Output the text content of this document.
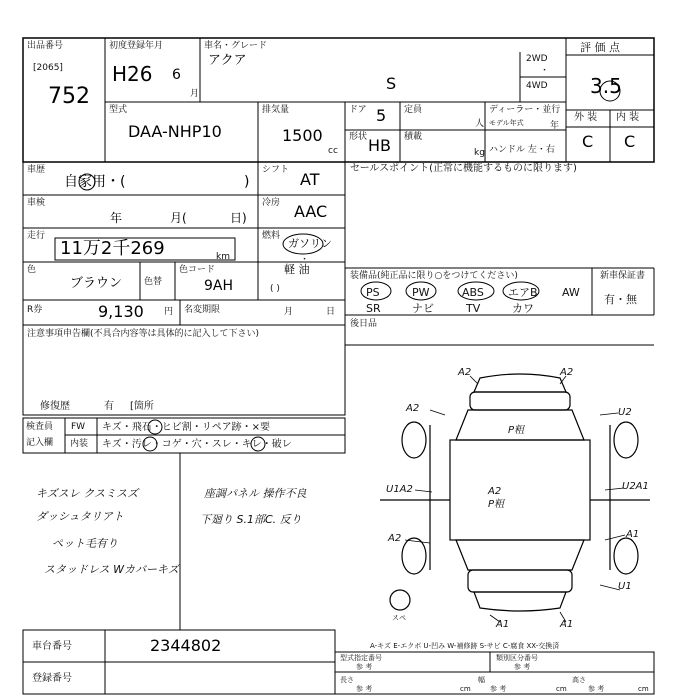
出品番号
[2065]
752
初度登録年月
H26 6
月
車名・グレード
アクア
S
2WD
・
4WD
評 価 点
3.5
外 装 内 装
C C
型式
DAA-NHP10
排気量
1500
cc
ドア 5 定員
人
ディーラー・並行
モデル年式	年
形状 HB 積載
kg ハンドル 左・右
車歴
自家用・(	)
シフト AT
車検
年	月(	日)
冷房 AAC
走行
11万2千269	km
燃料
ガソリン
・
軽 油
( )
色
ブラウン 色替
色コード
9AH
R券	9,130 円 名変期限	月	日
セールスポイント(正常に機能するものに限ります)
装備品(純正品に限り○をつけてください)	新車保証書
有・無
PS	PW	ABS エアB AW
SR	ナビ	TV	カワ
後日品
注意事項申告欄(不具合内容等は具体的に記入して下さい)
修復歴	有 [箇所
検査員
記入欄
FW キズ・飛石・ヒビ割・リペア跡・×要
内装 キズ・汚レ・コゲ・穴・スレ・キレ・破レ
キズスレ クスミスズ
ダッシュタリアト
ペット毛有り
スタッドレス Wカバーキズ
座調パネル 操作不良
下廻り S.1部C. 反り
A2	A2
A2	U2
P粗
A2
P粗
U1A2	U2A1
A2	A1
U1
A1	A1
スペ
A-キズ E-エクボ U-凹み W-補修跡 S-サビ C-腐食 XX-交換済
車台番号	2344802
登録番号
型式指定番号
参 考
類別区分番号
参 考
長さ
参 考	cm
幅
参 考	cm
高さ
参 考	cm
